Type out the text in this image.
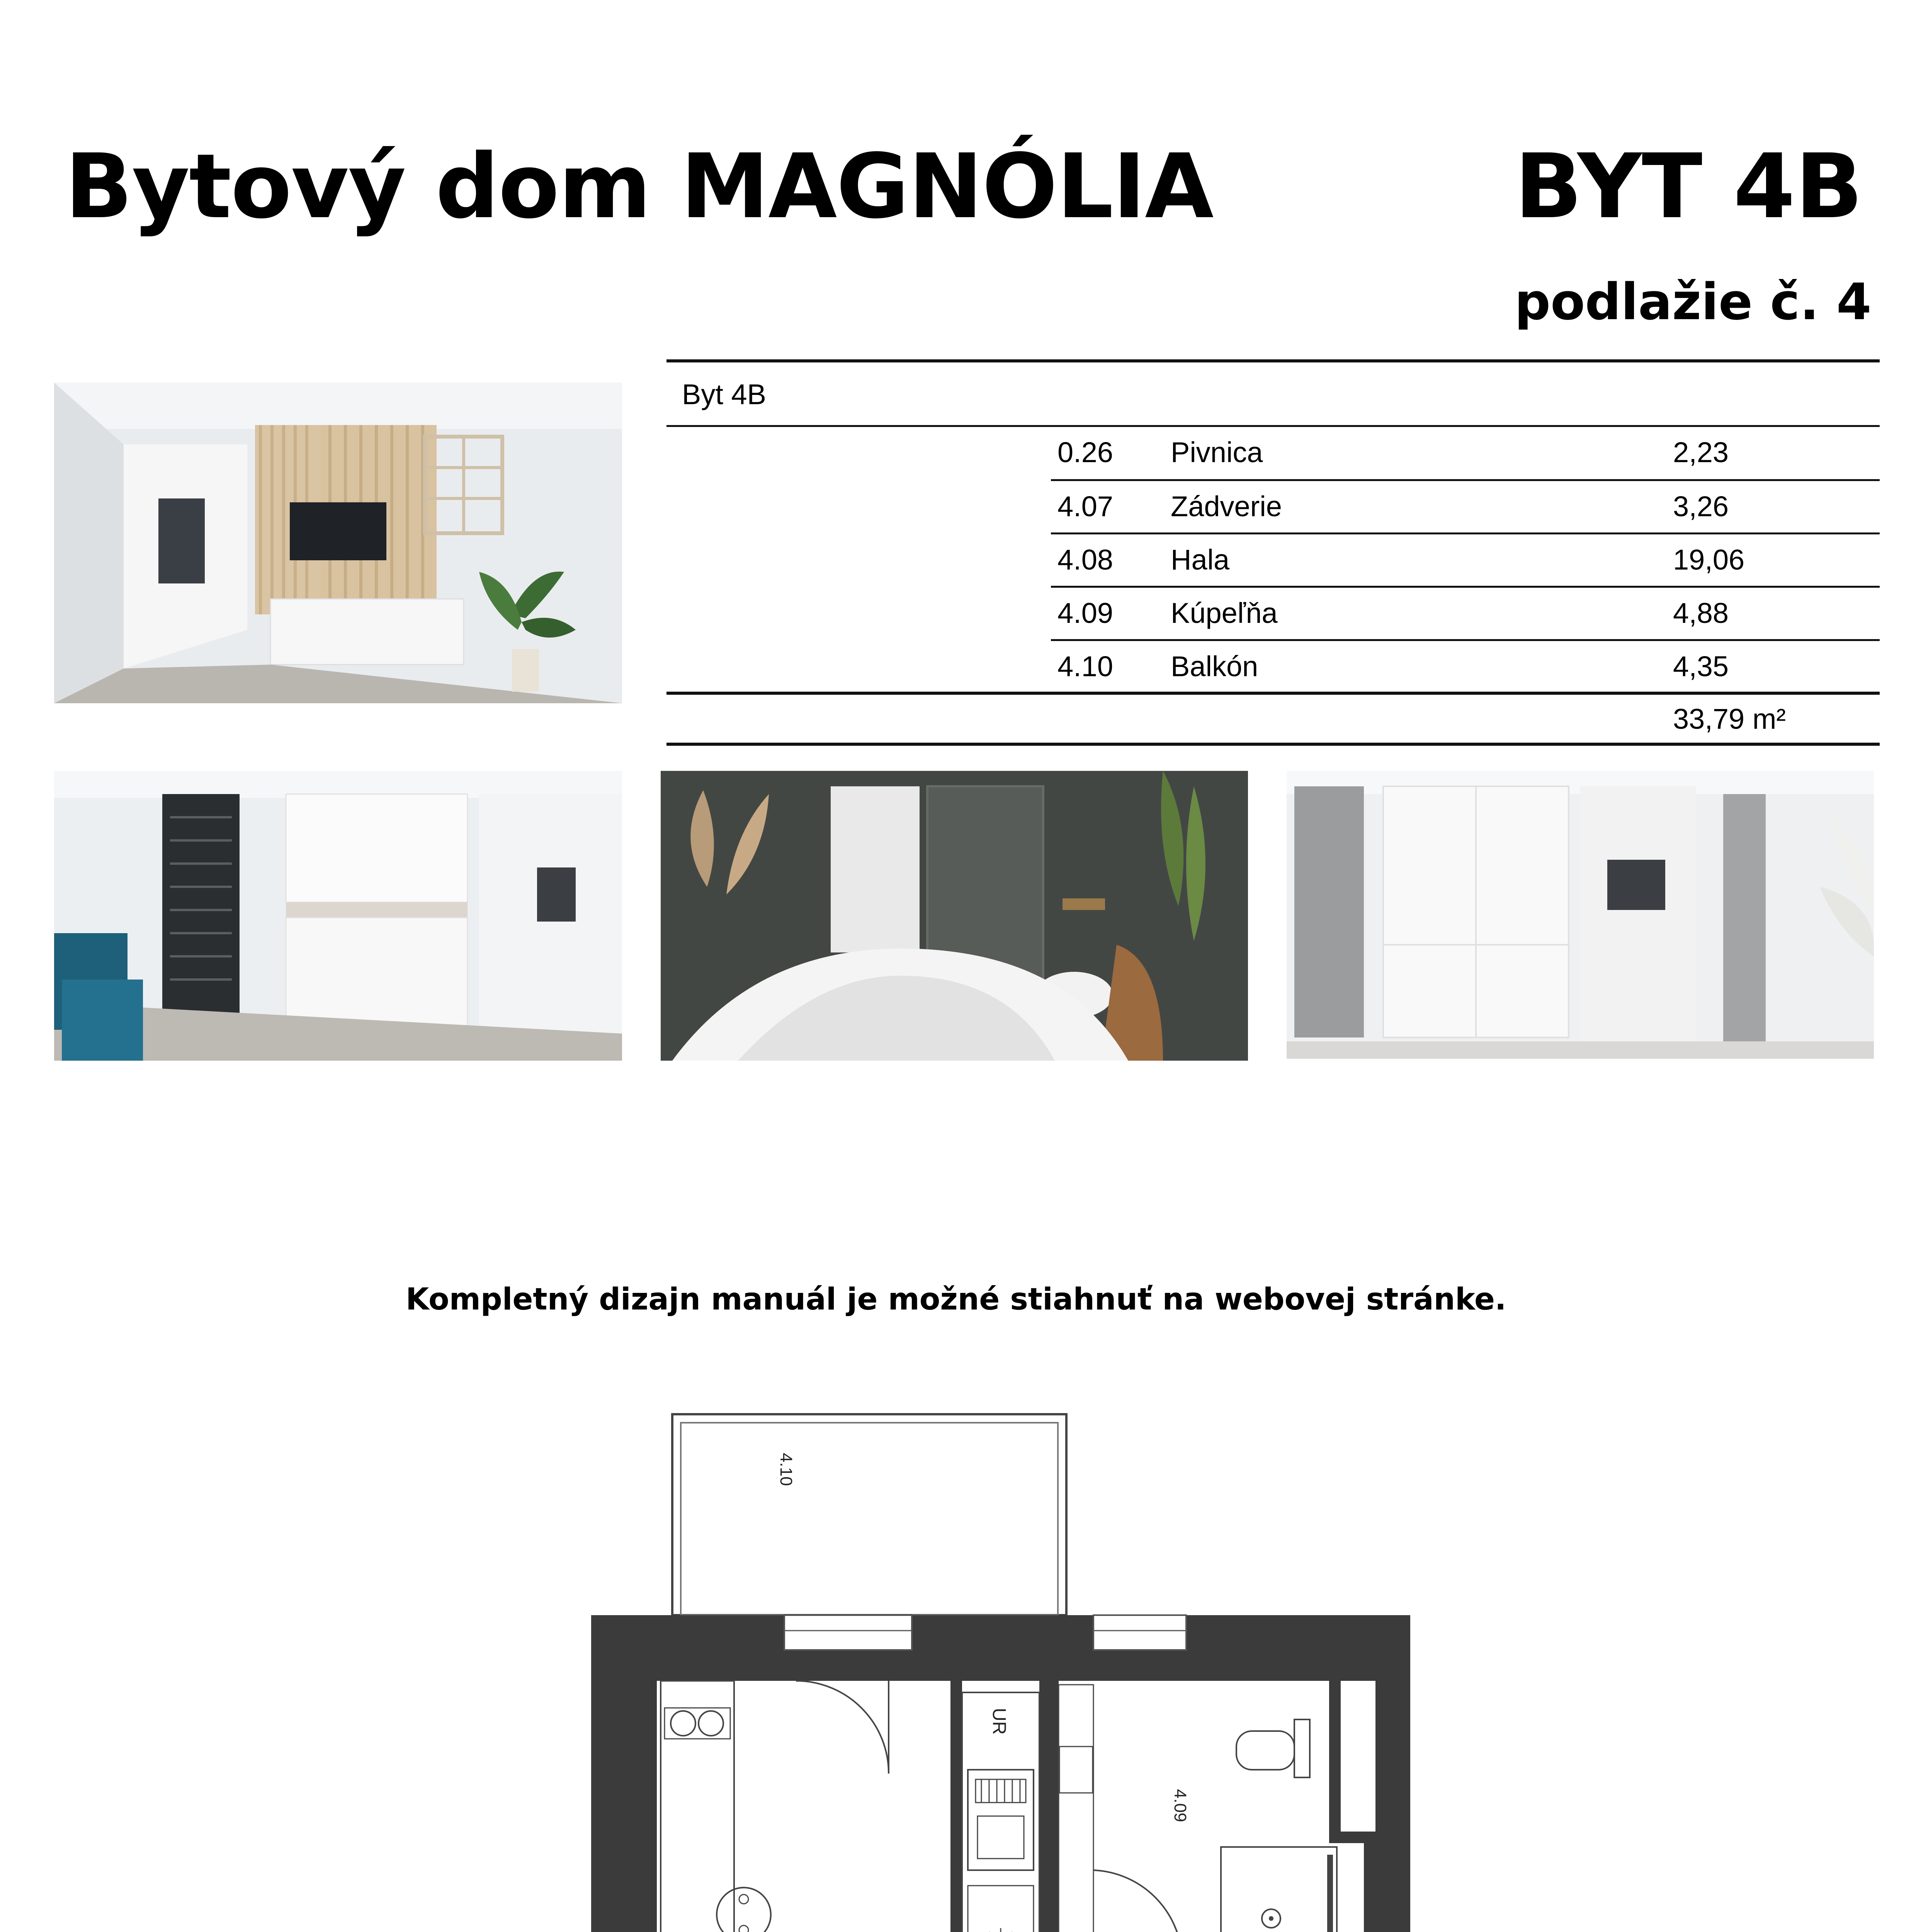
Bytový dom MAGNÓLIA	BYT 4B
podlažie č. 4
Byt 4B
0.26 Pivnica	2,23
4.07 Zádverie	3,26
4.08 Hala	19,06
4.09 Kúpeľňa	4,88
4.10 Balkón	4,35
33,79 m²
Kompletný dizajn manuál je možné stiahnuť na webovej stránke.
4.10
UR
4.09
